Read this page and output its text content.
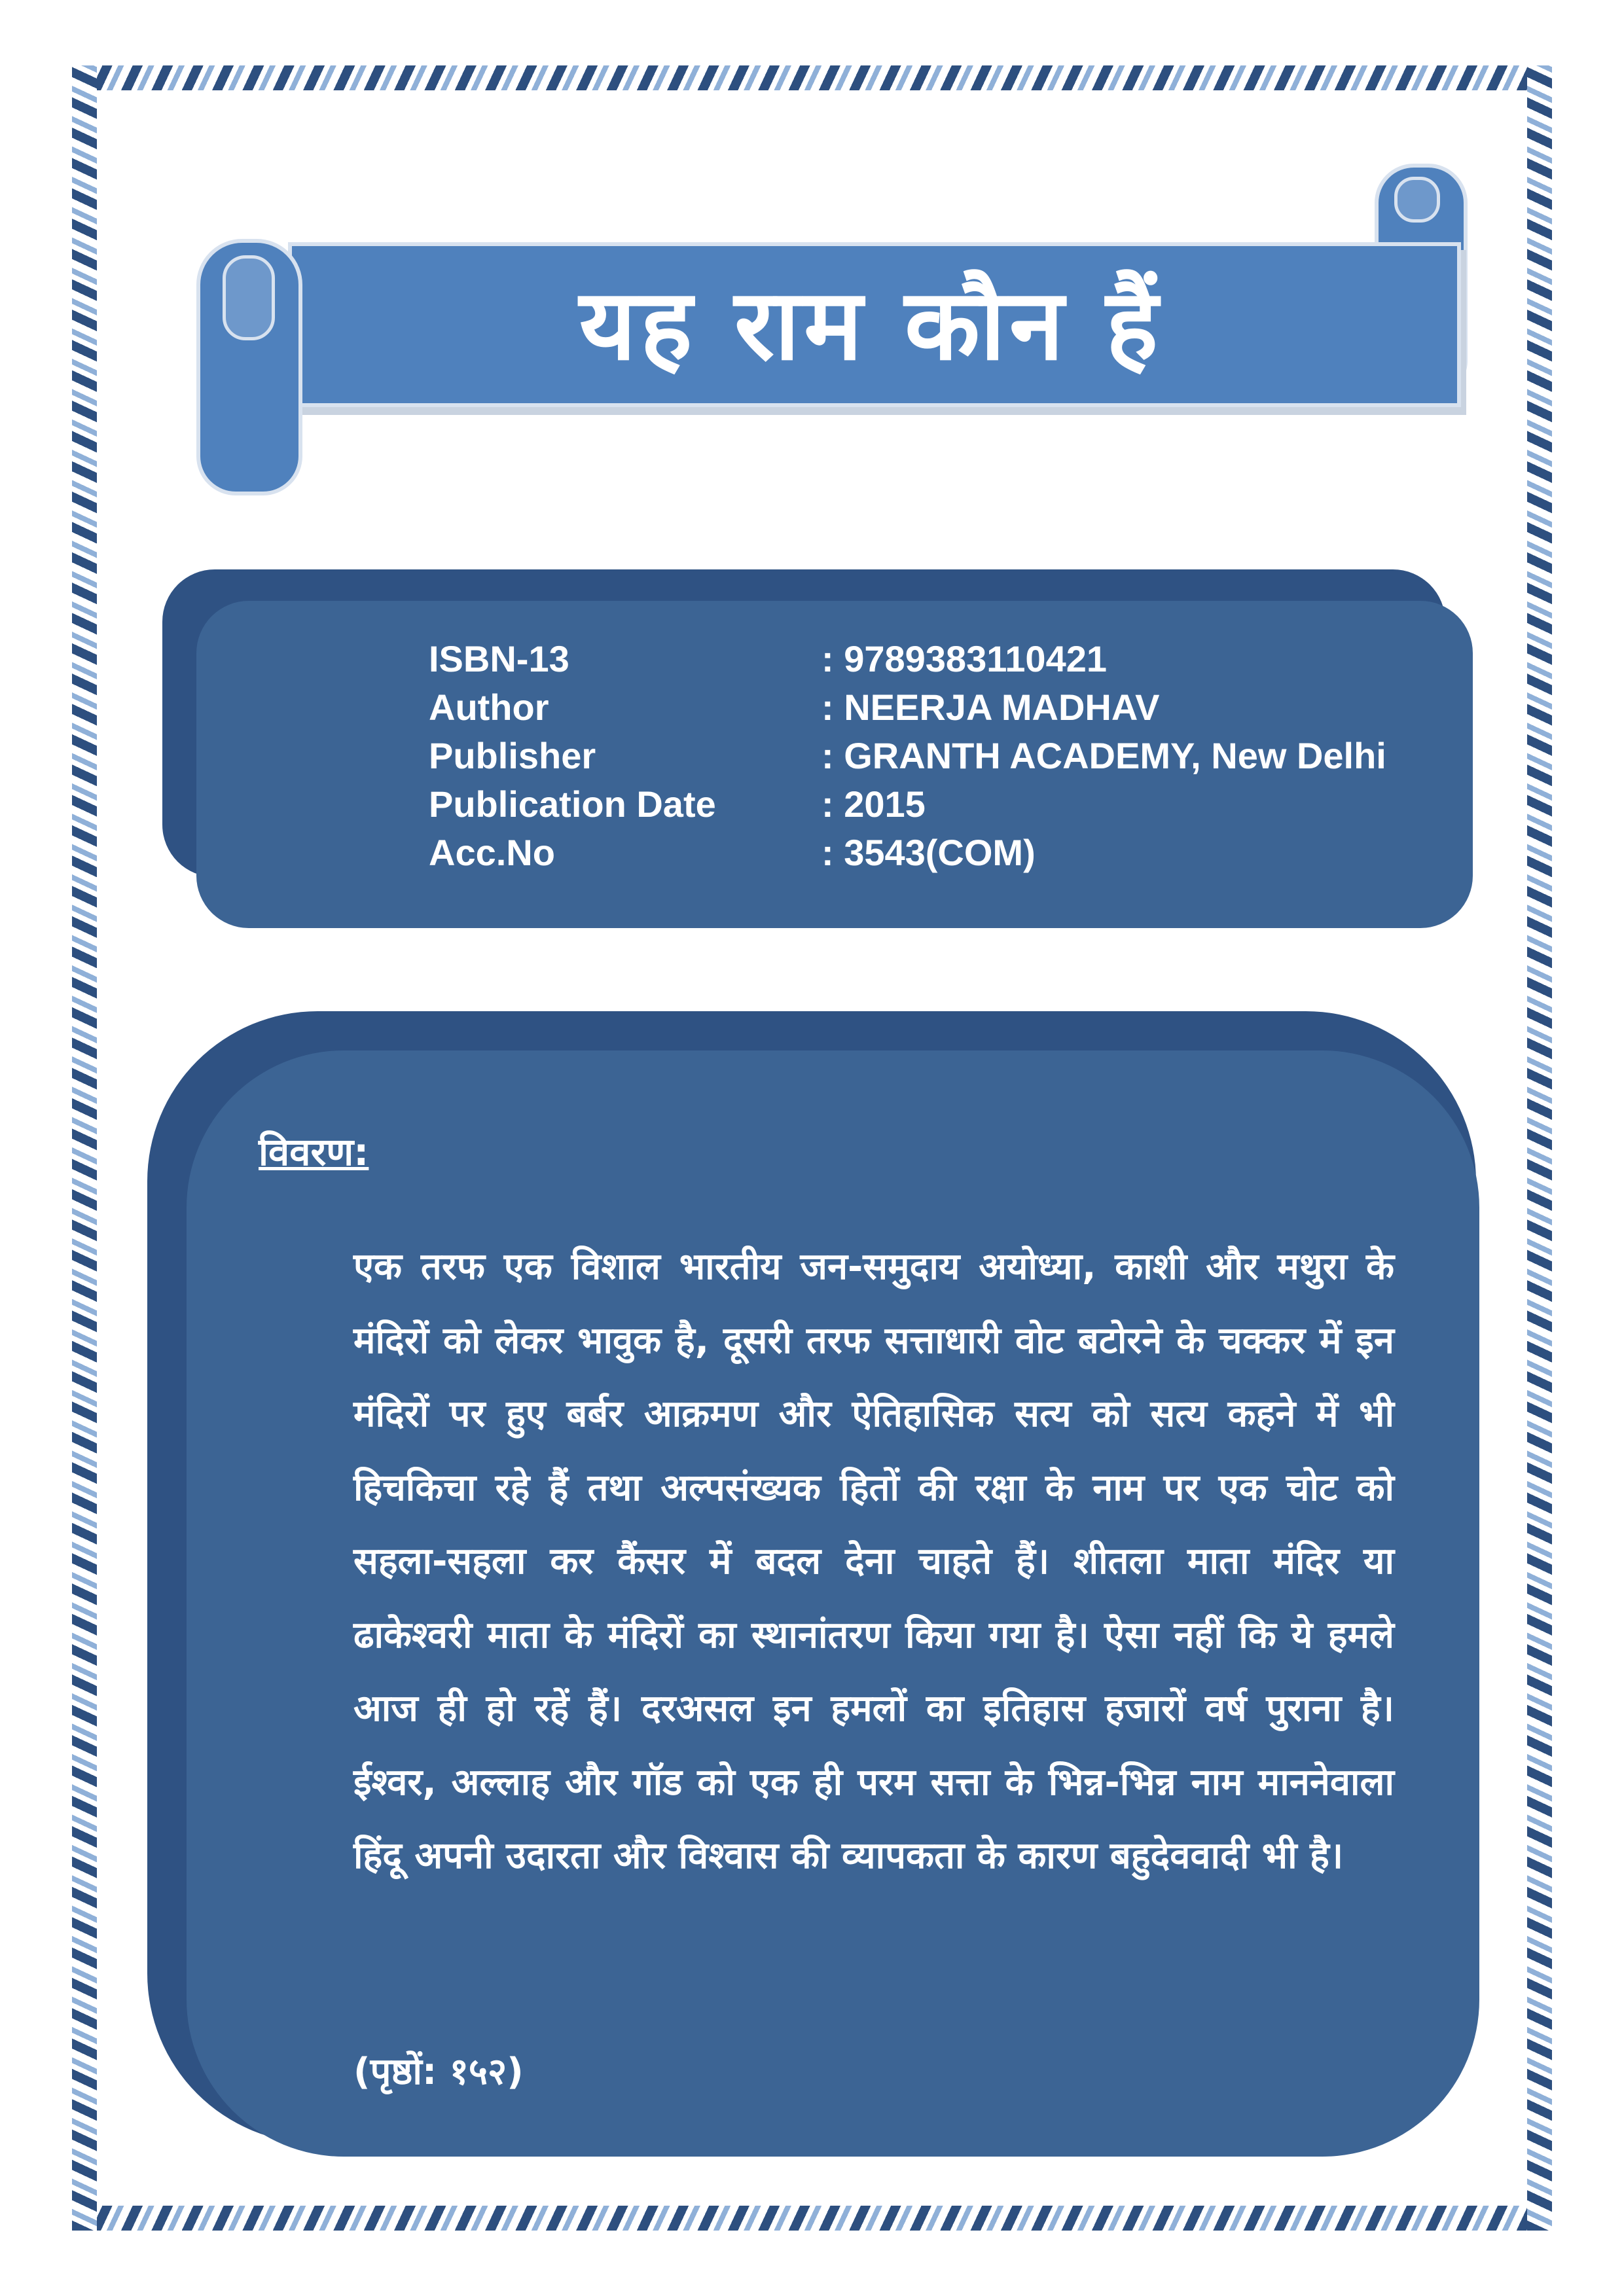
यह राम कौन हैं
ISBN-13	: 9789383110421
Author	: NEERJA MADHAV
Publisher	: GRANTH ACADEMY, New Delhi
Publication Date	: 2015
Acc.No	: 3543(COM)
विवरण:
एक तरफ एक विशाल भारतीय जन-समुदाय अयोध्या, काशी और मथुरा के मंदिरों को लेकर भावुक है, दूसरी तरफ सत्ताधारी वोट बटोरने के चक्कर में इन मंदिरों पर हुए बर्बर आक्रमण और ऐतिहासिक सत्य को सत्य कहने में भी हिचकिचा रहे हैं तथा अल्पसंख्यक हितों की रक्षा के नाम पर एक चोट को सहला-सहला कर कैंसर में बदल देना चाहते हैं। शीतला माता मंदिर या ढाकेश्वरी माता के मंदिरों का स्थानांतरण किया गया है। ऐसा नहीं कि ये हमले आज ही हो रहें हैं। दरअसल इन हमलों का इतिहास हजारों वर्ष पुराना है। ईश्वर, अल्लाह और गॉड को एक ही परम सत्ता के भिन्न-भिन्न नाम माननेवाला हिंदू अपनी उदारता और विश्वास की व्यापकता के कारण बहुदेववादी भी है।
(पृष्ठों: १५२)
